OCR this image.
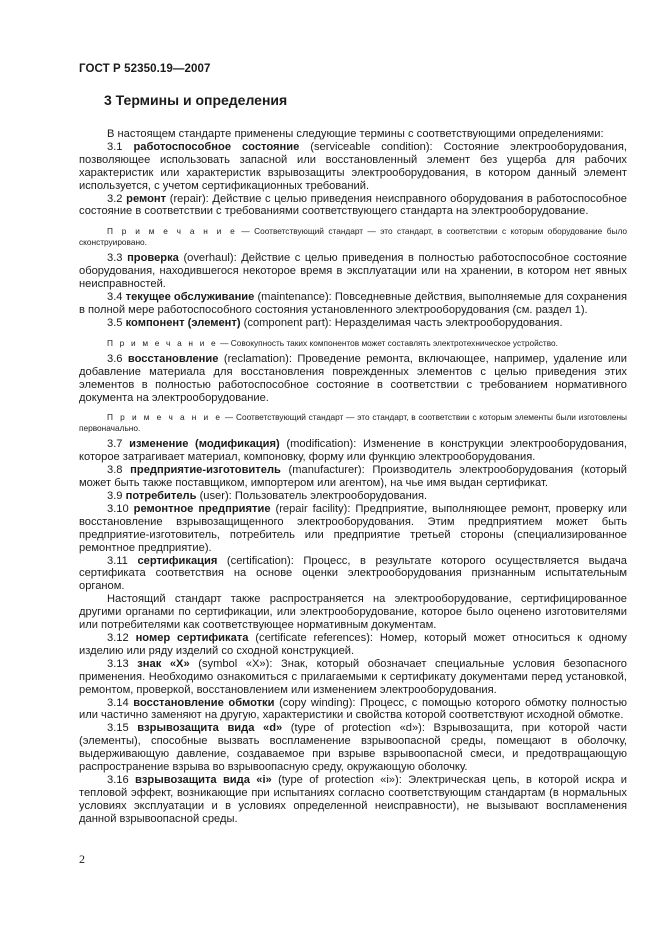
ГОСТ Р 52350.19—2007
3 Термины и определения

В настоящем стандарте применены следующие термины с соответствующими определениями:

3.1 работоспособное состояние (serviceable condition): Состояние электрооборудования, позволяющее использовать запасной или восстановленный элемент без ущерба для рабочих характеристик или характеристик взрывозащиты электрооборудования, в котором данный элемент используется, с учетом сертификационных требований.

3.2 ремонт (repair): Действие с целью приведения неисправного оборудования в работоспособное состояние в соответствии с требованиями соответствующего стандарта на электрооборудование.

П р и м е ч а н и е — Соответствующий стандарт — это стандарт, в соответствии с которым оборудование было сконструировано.

3.3 проверка (overhaul): Действие с целью приведения в полностью работоспособное состояние оборудования, находившегося некоторое время в эксплуатации или на хранении, в котором нет явных неисправностей.

3.4 текущее обслуживание (maintenance): Повседневные действия, выполняемые для сохранения в полной мере работоспособного состояния установленного электрооборудования (см. раздел 1).

3.5 компонент (элемент) (component part): Неразделимая часть электрооборудования.

П р и м е ч а н и е — Совокупность таких компонентов может составлять электротехническое устройство.

3.6 восстановление (reclamation): Проведение ремонта, включающее, например, удаление или добавление материала для восстановления поврежденных элементов с целью приведения этих элементов в полностью работоспособное состояние в соответствии с требованием нормативного документа на электрооборудование.

П р и м е ч а н и е — Соответствующий стандарт — это стандарт, в соответствии с которым элементы были изготовлены первоначально.

3.7 изменение (модификация) (modification): Изменение в конструкции электрооборудования, которое затрагивает материал, компоновку, форму или функцию электрооборудования.

3.8 предприятие-изготовитель (manufacturer): Производитель электрооборудования (который может быть также поставщиком, импортером или агентом), на чье имя выдан сертификат.

3.9 потребитель (user): Пользователь электрооборудования.

3.10 ремонтное предприятие (repair facility): Предприятие, выполняющее ремонт, проверку или восстановление взрывозащищенного электрооборудования. Этим предприятием может быть предприятие-изготовитель, потребитель или предприятие третьей стороны (специализированное ремонтное предприятие).

3.11 сертификация (certification): Процесс, в результате которого осуществляется выдача сертификата соответствия на основе оценки электрооборудования признанным испытательным органом.

Настоящий стандарт также распространяется на электрооборудование, сертифицированное другими органами по сертификации, или электрооборудование, которое было оценено изготовителями или потребителями как соответствующее нормативным документам.

3.12 номер сертификата (certificate references): Номер, который может относиться к одному изделию или ряду изделий со сходной конструкцией.

3.13 знак «X» (symbol «X»): Знак, который обозначает специальные условия безопасного применения. Необходимо ознакомиться с прилагаемыми к сертификату документами перед установкой, ремонтом, проверкой, восстановлением или изменением электрооборудования.

3.14 восстановление обмотки (copy winding): Процесс, с помощью которого обмотку полностью или частично заменяют на другую, характеристики и свойства которой соответствуют исходной обмотке.

3.15 взрывозащита вида «d» (type of protection «d»): Взрывозащита, при которой части (элементы), способные вызвать воспламенение взрывоопасной среды, помещают в оболочку, выдерживающую давление, создаваемое при взрыве взрывоопасной смеси, и предотвращающую распространение взрыва во взрывоопасную среду, окружающую оболочку.

3.16 взрывозащита вида «i» (type of protection «i»): Электрическая цепь, в которой искра и тепловой эффект, возникающие при испытаниях согласно соответствующим стандартам (в нормальных условиях эксплуатации и в условиях определенной неисправности), не вызывают воспламенения данной взрывоопасной среды.

2
